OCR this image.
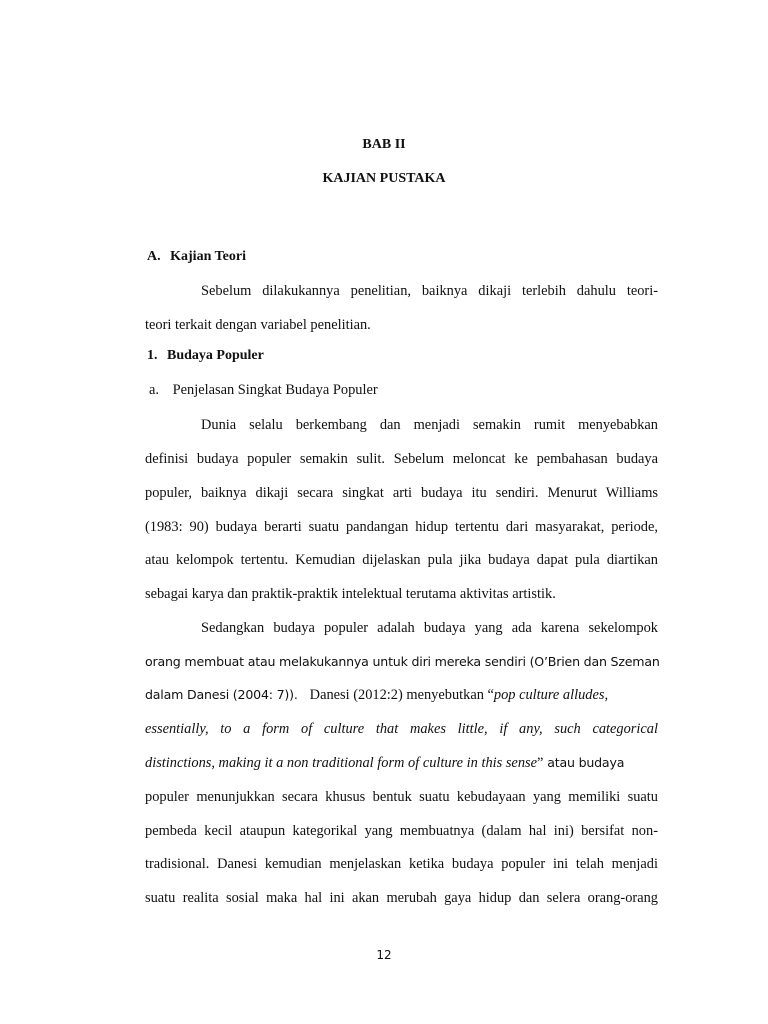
BAB II
KAJIAN PUSTAKA
A. Kajian Teori
Sebelum dilakukannya penelitian, baiknya dikaji terlebih dahulu teori-
teori terkait dengan variabel penelitian.
1. Budaya Populer
a. Penjelasan Singkat Budaya Populer
Dunia selalu berkembang dan menjadi semakin rumit menyebabkan
definisi budaya populer semakin sulit. Sebelum meloncat ke pembahasan budaya
populer, baiknya dikaji secara singkat arti budaya itu sendiri. Menurut Williams
(1983: 90) budaya berarti suatu pandangan hidup tertentu dari masyarakat, periode,
atau kelompok tertentu. Kemudian dijelaskan pula jika budaya dapat pula diartikan
sebagai karya dan praktik-praktik intelektual terutama aktivitas artistik.
Sedangkan budaya populer adalah budaya yang ada karena sekelompok
orang membuat atau melakukannya untuk diri mereka sendiri (O’Brien dan Szeman
dalam Danesi (2004: 7)). Danesi (2012:2) menyebutkan “pop culture alludes,
essentially, to a form of culture that makes little, if any, such categorical
distinctions, making it a non traditional form of culture in this sense” atau budaya
populer menunjukkan secara khusus bentuk suatu kebudayaan yang memiliki suatu
pembeda kecil ataupun kategorikal yang membuatnya (dalam hal ini) bersifat non-
tradisional. Danesi kemudian menjelaskan ketika budaya populer ini telah menjadi
suatu realita sosial maka hal ini akan merubah gaya hidup dan selera orang-orang
12
